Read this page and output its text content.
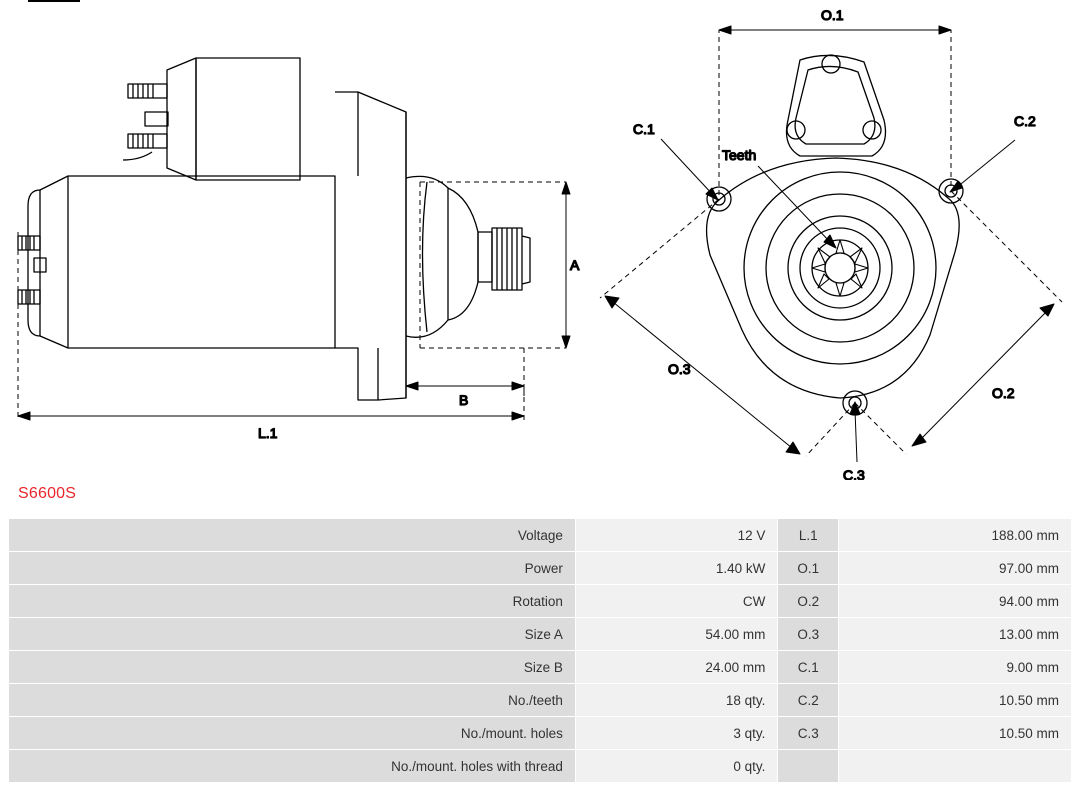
A
B
L.1
O.1
O.2
O.3
C.1	C.2
C.3
Teeth
S6600S
Voltage	12 V	L.1	188.00 mm
Power	1.40 kW	O.1	97.00 mm
Rotation	CW	O.2	94.00 mm
Size A	54.00 mm	O.3	13.00 mm
Size B	24.00 mm	C.1	9.00 mm
No./teeth	18 qty.	C.2	10.50 mm
No./mount. holes	3 qty.	C.3	10.50 mm
No./mount. holes with thread	0 qty.		
